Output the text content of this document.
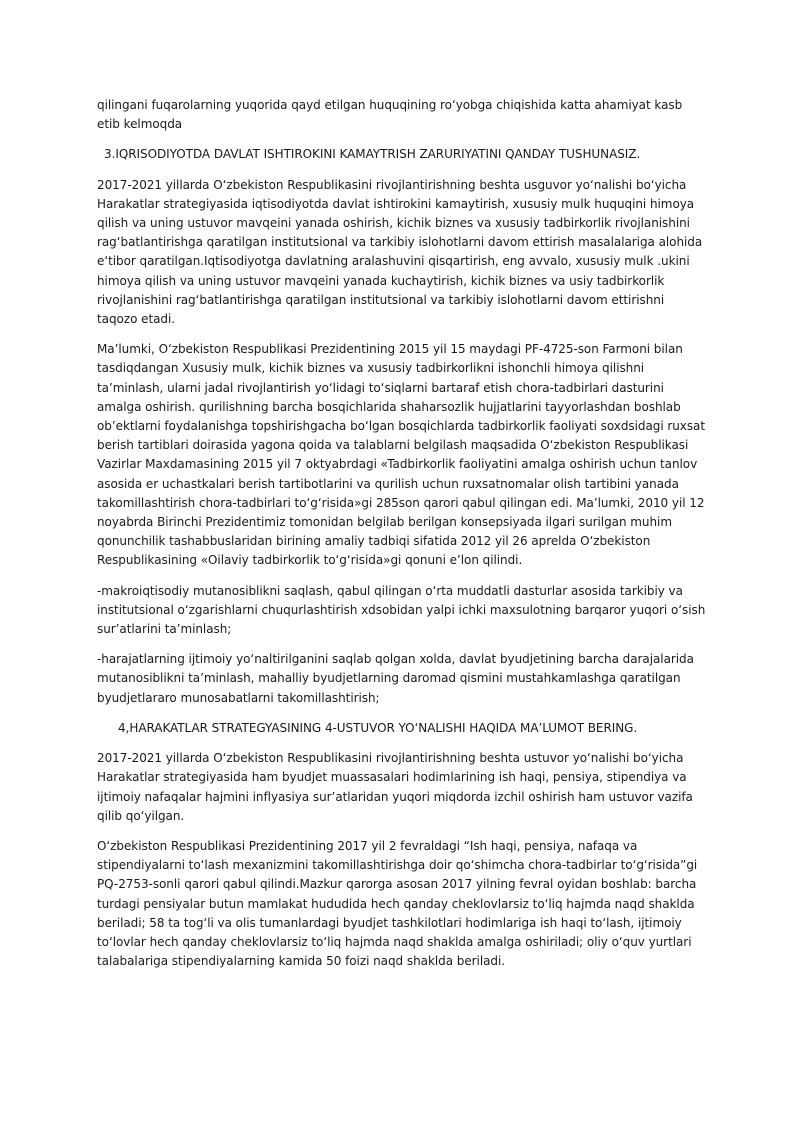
qilingani fuqarolarning yuqorida qayd etilgan huquqining ro‘yobga chiqishida katta ahamiyat kasb etib kelmoqda

3.IQRISODIYOTDA DAVLAT ISHTIROKINI KAMAYTRISH ZARURIYATINI QANDAY TUSHUNASIZ.

2017-2021 yillarda O‘zbekiston Respublikasini rivojlantirishning beshta usguvor yo‘nalishi bo‘yicha Harakatlar strategiyasida iqtisodiyotda davlat ishtirokini kamaytirish, xususiy mulk huquqini himoya qilish va uning ustuvor mavqeini yanada oshirish, kichik biznes va xususiy tadbirkorlik rivojlanishini rag‘batlantirishga qaratilgan institutsional va tarkibiy islohotlarni davom ettirish masalalariga alohida e‘tibor qaratilgan.Iqtisodiyotga davlatning aralashuvini qisqartirish, eng avvalo, xususiy mulk .ukini himoya qilish va uning ustuvor mavqeini yanada kuchaytirish, kichik biznes va usiy tadbirkorlik rivojlanishini rag‘batlantirishga qaratilgan institutsional va tarkibiy islohotlarni davom ettirishni taqozo etadi.

Ma’lumki, O‘zbekiston Respublikasi Prezidentining 2015 yil 15 maydagi PF-4725-son Farmoni bilan tasdiqdangan Xususiy mulk, kichik biznes va xususiy tadbirkorlikni ishonchli himoya qilishni ta’minlash, ularni jadal rivojlantirish yo‘lidagi to‘siqlarni bartaraf etish chora-tadbirlari dasturini amalga oshirish. qurilishning barcha bosqichlarida shaharsozlik hujjatlarini tayyorlashdan boshlab ob’ektlarni foydalanishga topshirishgacha bo‘lgan bosqichlarda tadbirkorlik faoliyati soxdsidagi ruxsat berish tartiblari doirasida yagona qoida va talablarni belgilash maqsadida O‘zbekiston Respublikasi Vazirlar Maxdamasining 2015 yil 7 oktyabrdagi «Tadbirkorlik faoliyatini amalga oshirish uchun tanlov asosida er uchastkalari berish tartibotlarini va qurilish uchun ruxsatnomalar olish tartibini yanada takomillashtirish chora-tadbirlari to‘g‘risida»gi 285son qarori qabul qilingan edi. Ma’lumki, 2010 yil 12 noyabrda Birinchi Prezidentimiz tomonidan belgilab berilgan konsepsiyada ilgari surilgan muhim qonunchilik tashabbuslaridan birining amaliy tadbiqi sifatida 2012 yil 26 aprelda O‘zbekiston Respublikasining «Oilaviy tadbirkorlik to‘g‘risida»gi qonuni e’lon qilindi.

-makroiqtisodiy mutanosiblikni saqlash, qabul qilingan o‘rta muddatli dasturlar asosida tarkibiy va institutsional o‘zgarishlarni chuqurlashtirish xdsobidan yalpi ichki maxsulotning barqaror yuqori o‘sish sur’atlarini ta’minlash;

-harajatlarning ijtimoiy yo‘naltirilganini saqlab qolgan xolda, davlat byudjetining barcha darajalarida mutanosiblikni ta’minlash, mahalliy byudjetlarning daromad qismini mustahkamlashga qaratilgan byudjetlararo munosabatlarni takomillashtirish;

4,HARAKATLAR STRATEGYASINING 4-USTUVOR YO‘NALISHI HAQIDA MA’LUMOT BERING.

2017-2021 yillarda O‘zbekiston Respublikasini rivojlantirishning beshta ustuvor yo‘nalishi bo‘yicha Harakatlar strategiyasida ham byudjet muassasalari hodimlarining ish haqi, pensiya, stipendiya va ijtimoiy nafaqalar hajmini inflyasiya sur’atlaridan yuqori miqdorda izchil oshirish ham ustuvor vazifa qilib qo‘yilgan.

O‘zbekiston Respublikasi Prezidentining 2017 yil 2 fevraldagi “Ish haqi, pensiya, nafaqa va stipendiyalarni to‘lash mexanizmini takomillashtirishga doir qo‘shimcha chora-tadbirlar to‘g‘risida”gi PQ-2753-sonli qarori qabul qilindi.Mazkur qarorga asosan 2017 yilning fevral oyidan boshlab: barcha turdagi pensiyalar butun mamlakat hududida hech qanday cheklovlarsiz to‘liq hajmda naqd shaklda beriladi; 58 ta tog‘li va olis tumanlardagi byudjet tashkilotlari hodimlariga ish haqi to‘lash, ijtimoiy to‘lovlar hech qanday cheklovlarsiz to‘liq hajmda naqd shaklda amalga oshiriladi; oliy o‘quv yurtlari talabalariga stipendiyalarning kamida 50 foizi naqd shaklda beriladi.
